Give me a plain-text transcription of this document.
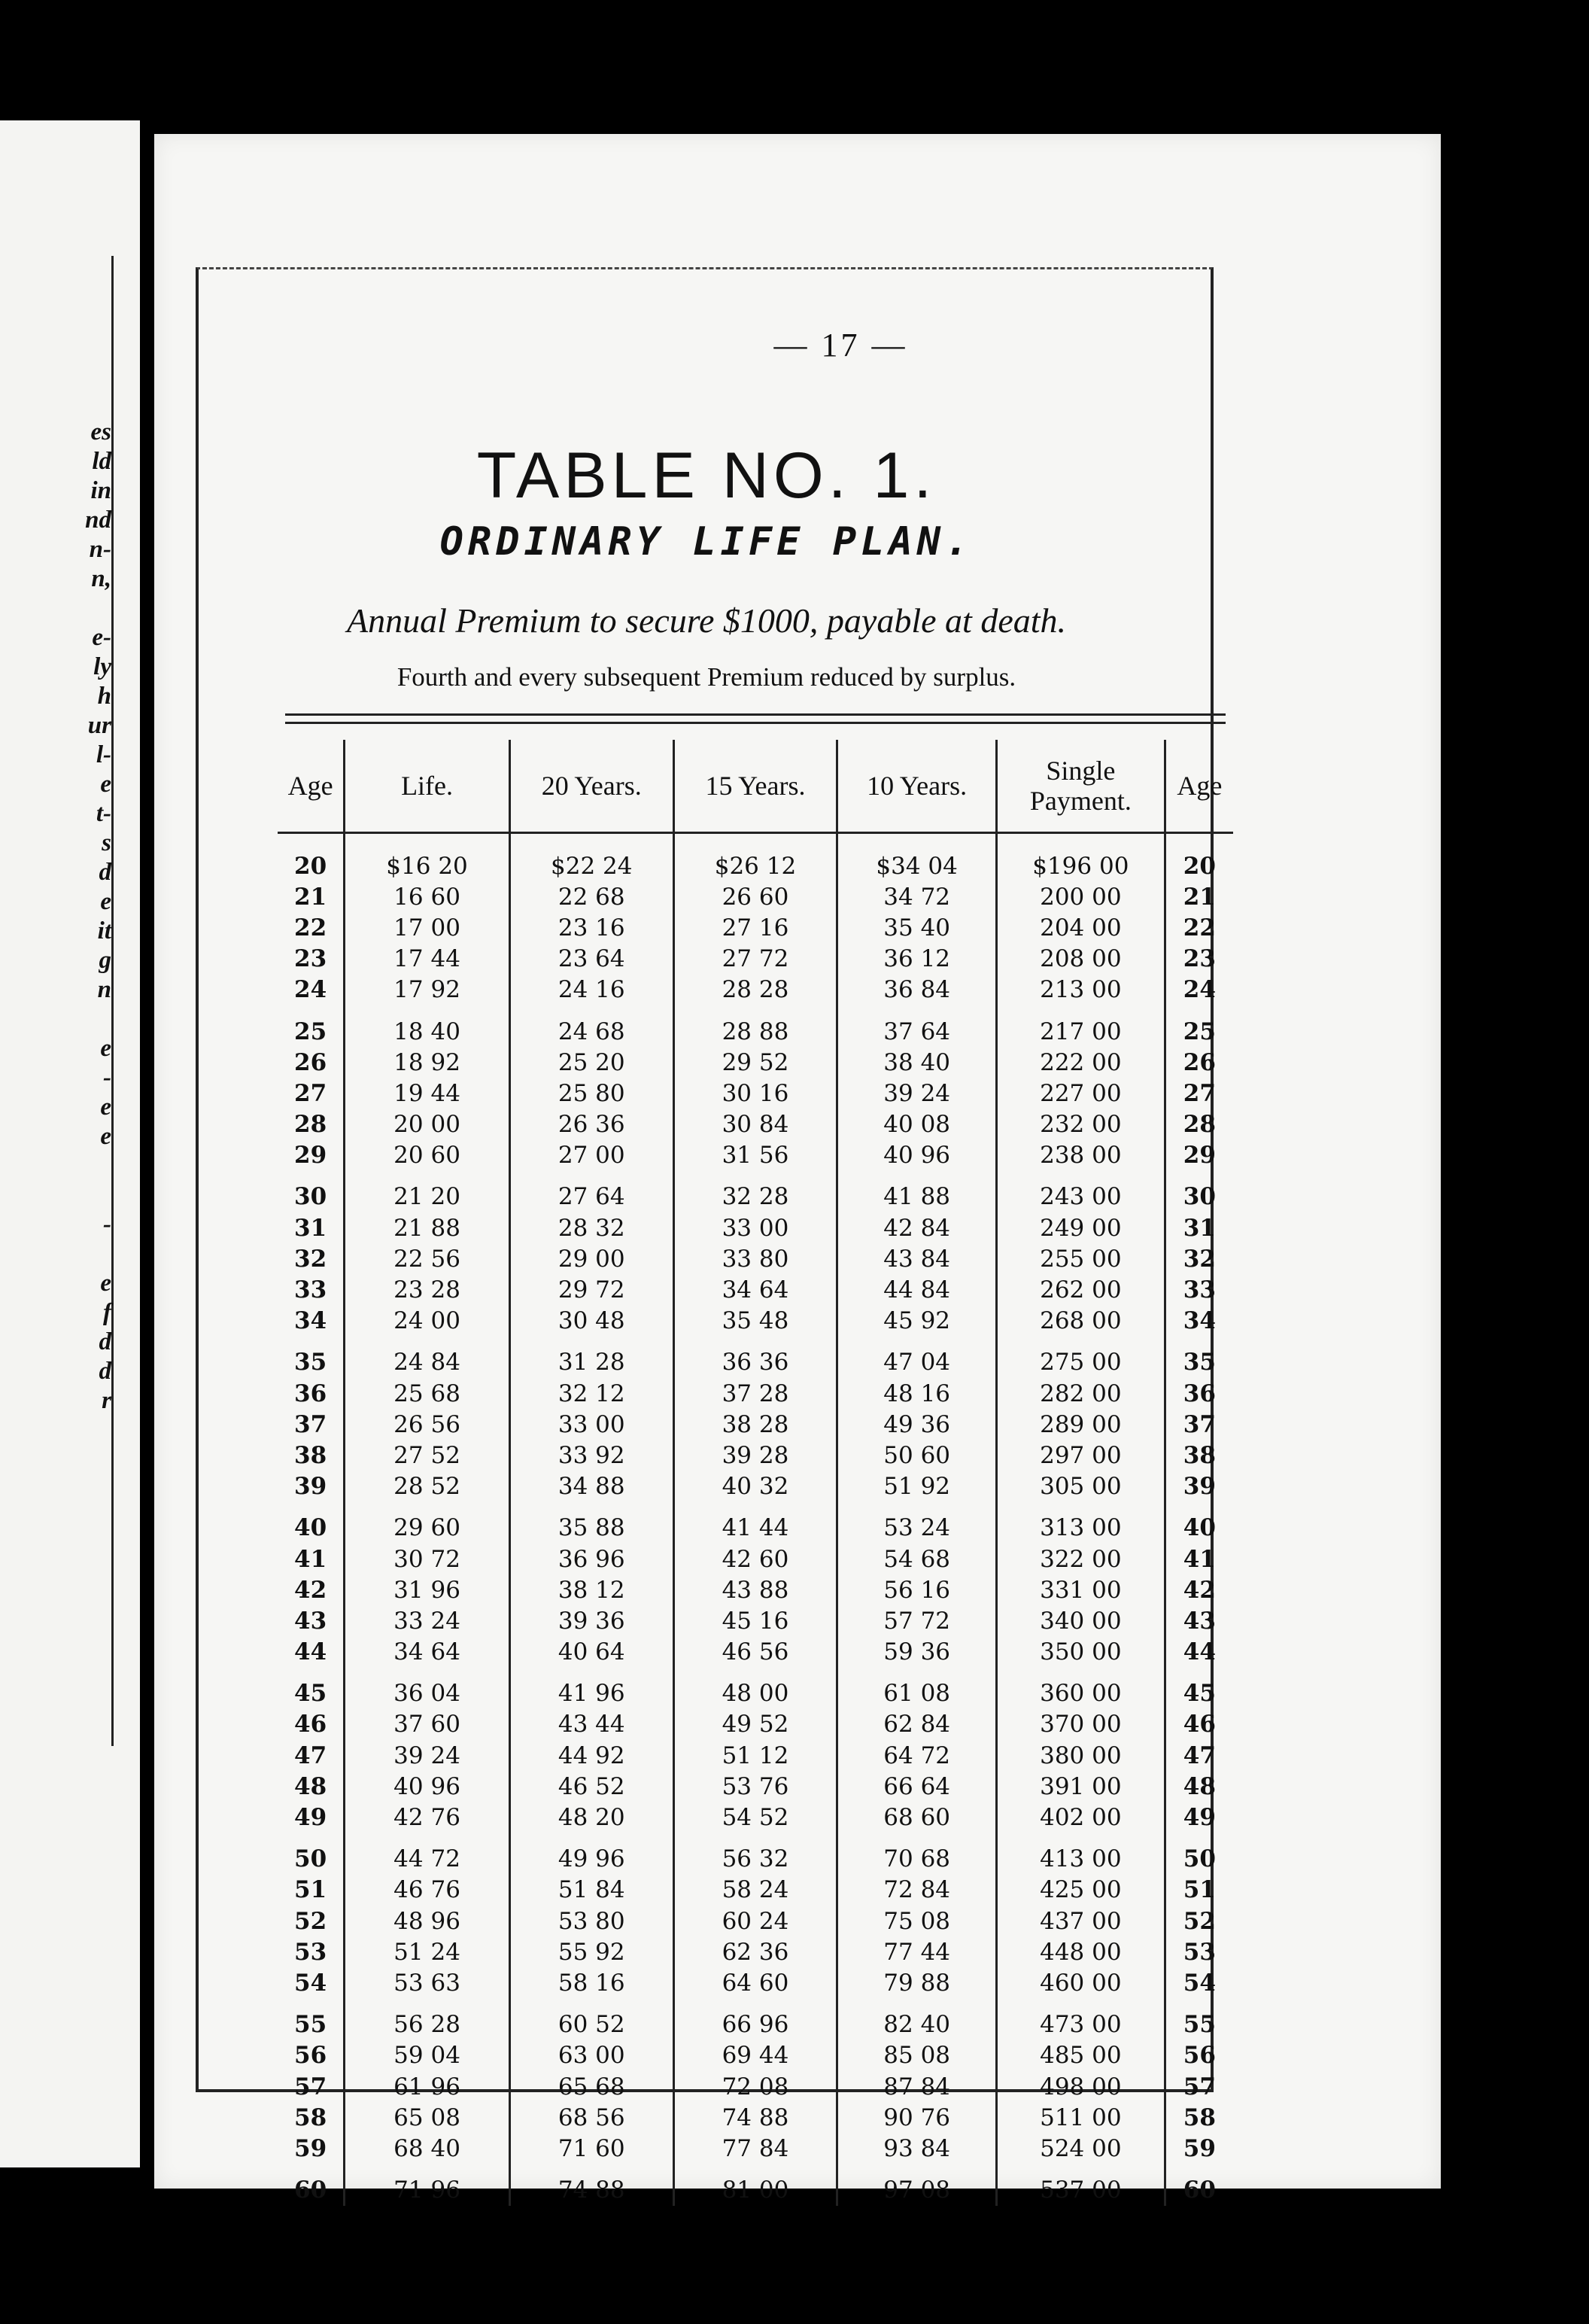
es
ld
in
nd
n-
n,
e-
ly
h
ur
l-
e
t-
s
d
e
it
g
n
e
-
e
e
-
e
f
d
d
r
— 17 —
TABLE NO. 1.
ORDINARY LIFE PLAN.
Annual Premium to secure $1000, payable at death.
Fourth and every subsequent Premium reduced by surplus.
Age	Life.	20 Years.	15 Years.	10 Years.	Single Payment.	Age
20	$16 20	$22 24	$26 12	$34 04	$196 00	20
21	16 60	22 68	26 60	34 72	200 00	21
22	17 00	23 16	27 16	35 40	204 00	22
23	17 44	23 64	27 72	36 12	208 00	23
24	17 92	24 16	28 28	36 84	213 00	24
25	18 40	24 68	28 88	37 64	217 00	25
26	18 92	25 20	29 52	38 40	222 00	26
27	19 44	25 80	30 16	39 24	227 00	27
28	20 00	26 36	30 84	40 08	232 00	28
29	20 60	27 00	31 56	40 96	238 00	29
30	21 20	27 64	32 28	41 88	243 00	30
31	21 88	28 32	33 00	42 84	249 00	31
32	22 56	29 00	33 80	43 84	255 00	32
33	23 28	29 72	34 64	44 84	262 00	33
34	24 00	30 48	35 48	45 92	268 00	34
35	24 84	31 28	36 36	47 04	275 00	35
36	25 68	32 12	37 28	48 16	282 00	36
37	26 56	33 00	38 28	49 36	289 00	37
38	27 52	33 92	39 28	50 60	297 00	38
39	28 52	34 88	40 32	51 92	305 00	39
40	29 60	35 88	41 44	53 24	313 00	40
41	30 72	36 96	42 60	54 68	322 00	41
42	31 96	38 12	43 88	56 16	331 00	42
43	33 24	39 36	45 16	57 72	340 00	43
44	34 64	40 64	46 56	59 36	350 00	44
45	36 04	41 96	48 00	61 08	360 00	45
46	37 60	43 44	49 52	62 84	370 00	46
47	39 24	44 92	51 12	64 72	380 00	47
48	40 96	46 52	53 76	66 64	391 00	48
49	42 76	48 20	54 52	68 60	402 00	49
50	44 72	49 96	56 32	70 68	413 00	50
51	46 76	51 84	58 24	72 84	425 00	51
52	48 96	53 80	60 24	75 08	437 00	52
53	51 24	55 92	62 36	77 44	448 00	53
54	53 63	58 16	64 60	79 88	460 00	54
55	56 28	60 52	66 96	82 40	473 00	55
56	59 04	63 00	69 44	85 08	485 00	56
57	61 96	65 68	72 08	87 84	498 00	57
58	65 08	68 56	74 88	90 76	511 00	58
59	68 40	71 60	77 84	93 84	524 00	59
60	71 96	74 88	81 00	97 08	537 00	60
